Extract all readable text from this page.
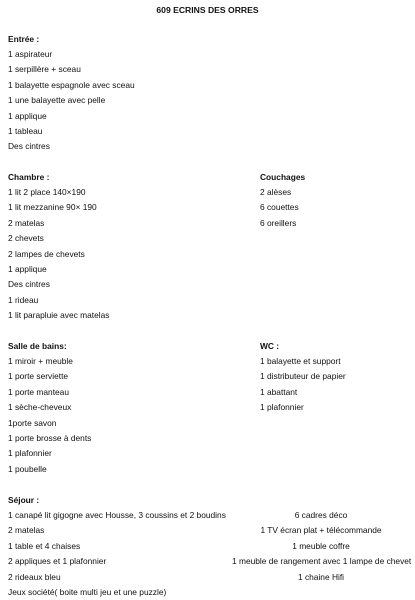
609 ECRINS DES ORRES
Entrée :
1 aspirateur
1 serpillère + sceau
1 balayette espagnole avec sceau
1 une balayette avec pelle
1 applique
1 tableau
Des cintres
Chambre :
1 lit 2 place 140×190
1 lit mezzanine 90× 190
2 matelas
2 chevets
2 lampes de chevets
1 applique
Des cintres
1 rideau
1 lit parapluie avec matelas
Couchages
2 alèses
6 couettes
6 oreillers
Salle de bains:
1 miroir + meuble
1 porte serviette
1 porte manteau
1 sèche-cheveux
1porte savon
1 porte brosse à dents
1 plafonnier
1 poubelle
WC :
1 balayette et support
1 distributeur de papier
1 abattant
1 plafonnier
Séjour :
1 canapé lit gigogne avec Housse, 3 coussins et 2 boudins
2 matelas
1 table et 4 chaises
2 appliques et 1 plafonnier
2 rideaux bleu
Jeux société( boite multi jeu et une puzzle)
6 cadres déco
1 TV écran plat + télécommande
1 meuble coffre
1 meuble de rangement avec 1 lampe de chevet
1 chaine Hifi
